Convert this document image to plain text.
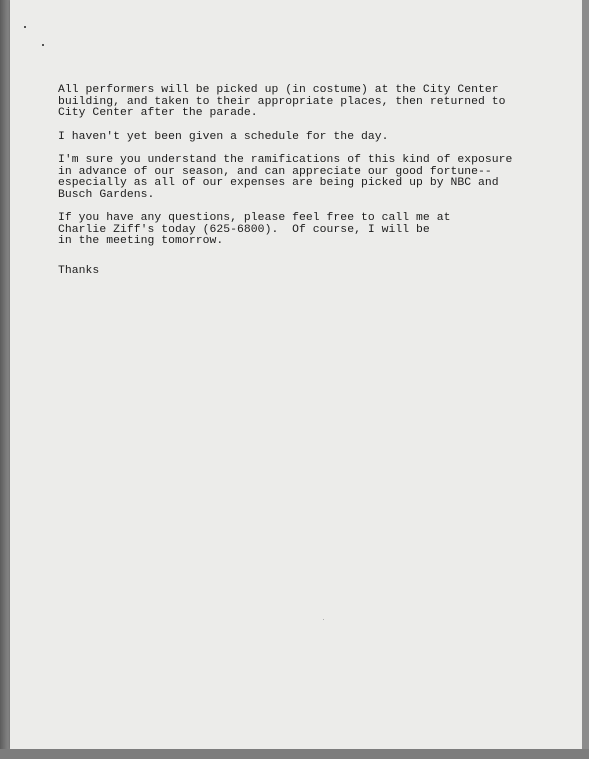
All performers will be picked up (in costume) at the City Center
building, and taken to their appropriate places, then returned to
City Center after the parade.

I haven't yet been given a schedule for the day.

I'm sure you understand the ramifications of this kind of exposure
in advance of our season, and can appreciate our good fortune--
especially as all of our expenses are being picked up by NBC and
Busch Gardens.

If you have any questions, please feel free to call me at
Charlie Ziff's today (625-6800).  Of course, I will be
in the meeting tomorrow.

Thanks
